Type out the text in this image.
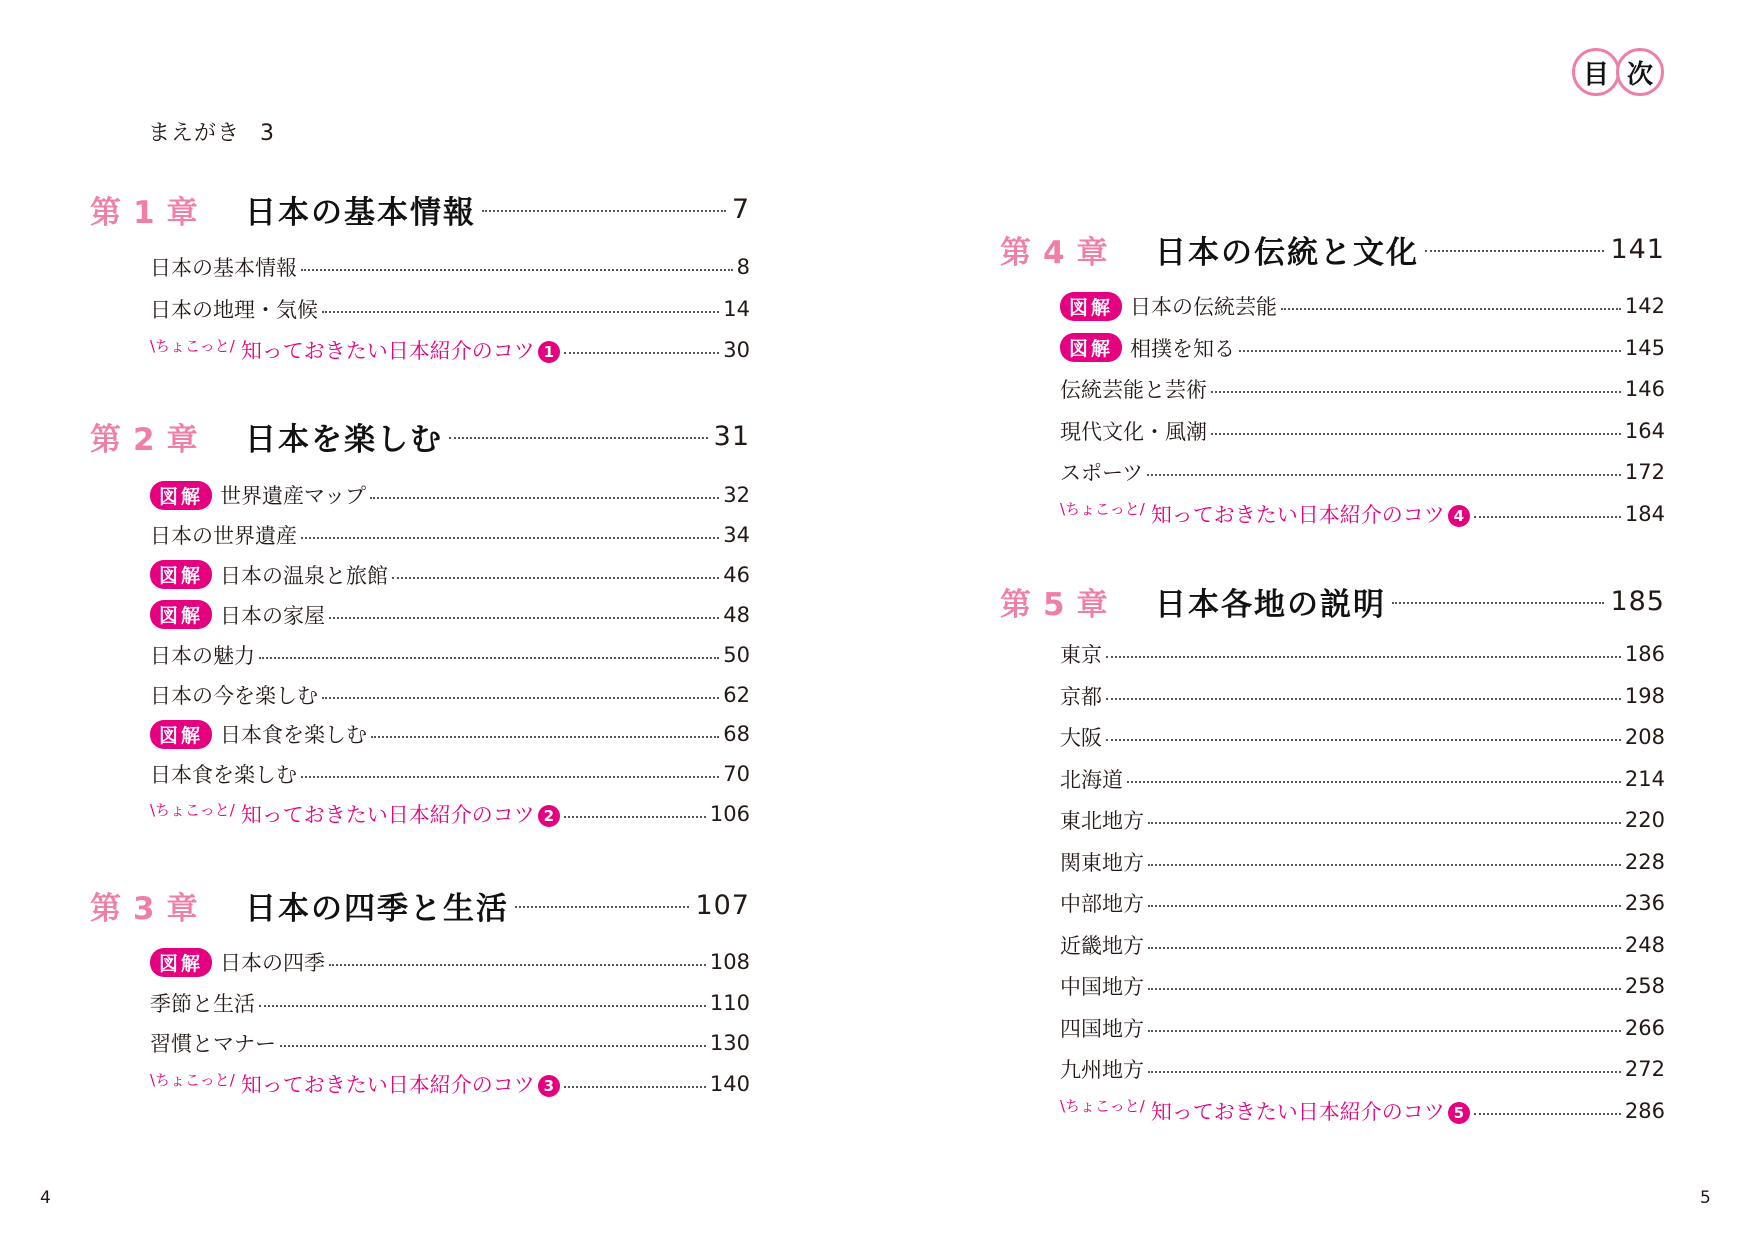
目 次
まえがき 3
第 1 章	日本の基本情報	7
日本の基本情報	8
日本の地理・気候	14
\ちょこっと/ 知っておきたい日本紹介のコツ 1	30
第 2 章	日本を楽しむ	31
図解 世界遺産マップ	32
日本の世界遺産	34
図解 日本の温泉と旅館	46
図解 日本の家屋	48
日本の魅力	50
日本の今を楽しむ	62
図解 日本食を楽しむ	68
日本食を楽しむ	70
\ちょこっと/ 知っておきたい日本紹介のコツ 2	106
第 3 章	日本の四季と生活	107
図解 日本の四季	108
季節と生活	110
習慣とマナー	130
\ちょこっと/ 知っておきたい日本紹介のコツ 3	140
第 4 章	日本の伝統と文化	141
図解 日本の伝統芸能	142
図解 相撲を知る	145
伝統芸能と芸術	146
現代文化・風潮	164
スポーツ	172
\ちょこっと/ 知っておきたい日本紹介のコツ 4	184
第 5 章	日本各地の説明	185
東京	186
京都	198
大阪	208
北海道	214
東北地方	220
関東地方	228
中部地方	236
近畿地方	248
中国地方	258
四国地方	266
九州地方	272
\ちょこっと/ 知っておきたい日本紹介のコツ 5	286
4	5
